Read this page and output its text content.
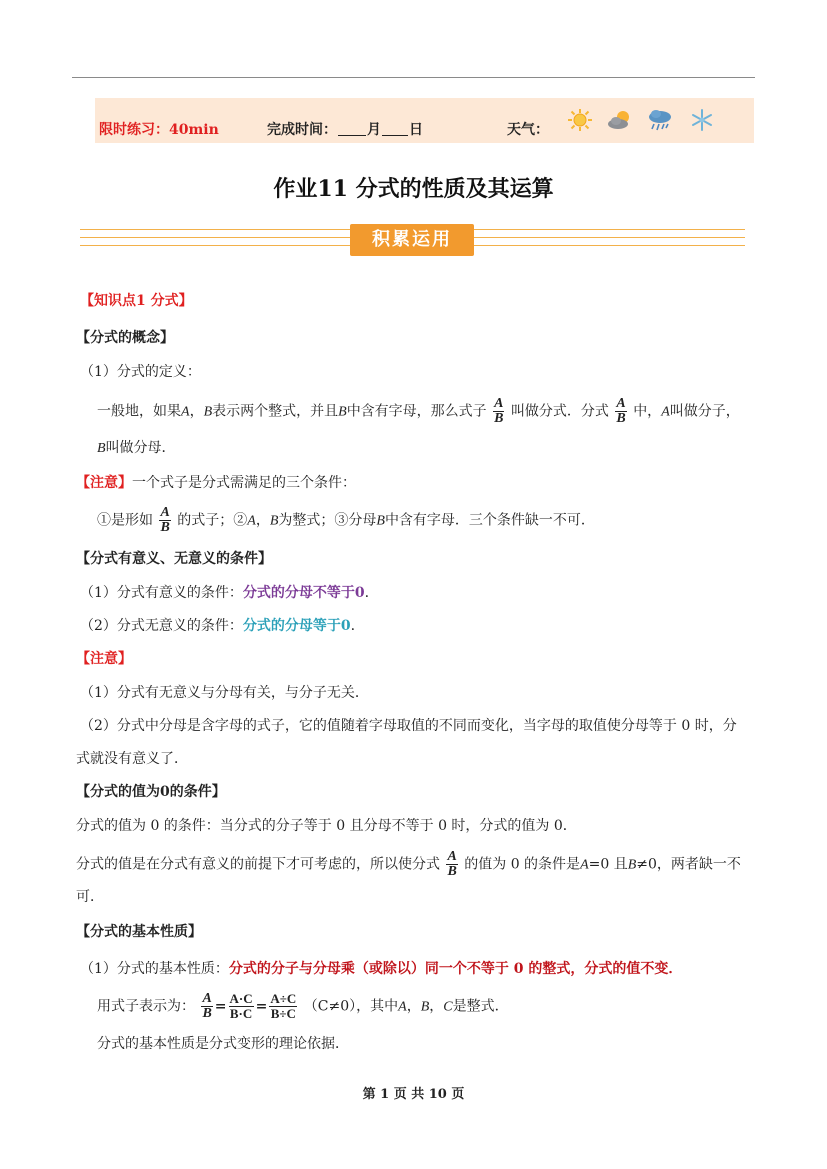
限时练习：40min	完成时间： 月 日	天气：
作业11 分式的性质及其运算
积累运用
【知识点1 分式】
【分式的概念】
（1）分式的定义：
一般地，如果A，B表示两个整式，并且B中含有字母，那么式子 $\frac{A}{B}$ 叫做分式．分式 $\frac{A}{B}$ 中，A叫做分子，
B叫做分母．
【注意】一个式子是分式需满足的三个条件：
①是形如 $\frac{A}{B}$ 的式子；②A，B为整式；③分母B中含有字母．三个条件缺一不可．
【分式有意义、无意义的条件】
（1）分式有意义的条件：分式的分母不等于0.
（2）分式无意义的条件：分式的分母等于0.
【注意】
（1）分式有无意义与分母有关，与分子无关．
（2）分式中分母是含字母的式子，它的值随着字母取值的不同而变化，当字母的取值使分母等于 0 时，分
式就没有意义了．
【分式的值为0的条件】
分式的值为 0 的条件：当分式的分子等于 0 且分母不等于 0 时，分式的值为 0．
分式的值是在分式有意义的前提下才可考虑的，所以使分式 $\frac{A}{B}$ 的值为 0 的条件是A=0 且B≠0，两者缺一不
可．
【分式的基本性质】
（1）分式的基本性质：分式的分子与分母乘（或除以）同一个不等于 0 的整式，分式的值不变．
用式子表示为： $\frac{A}{B} = \frac{A\cdot C}{B\cdot C} = \frac{A\div C}{B\div C} (C\ne 0)$，其中A，B，C是整式．
分式的基本性质是分式变形的理论依据．
第 1 页 共 10 页
